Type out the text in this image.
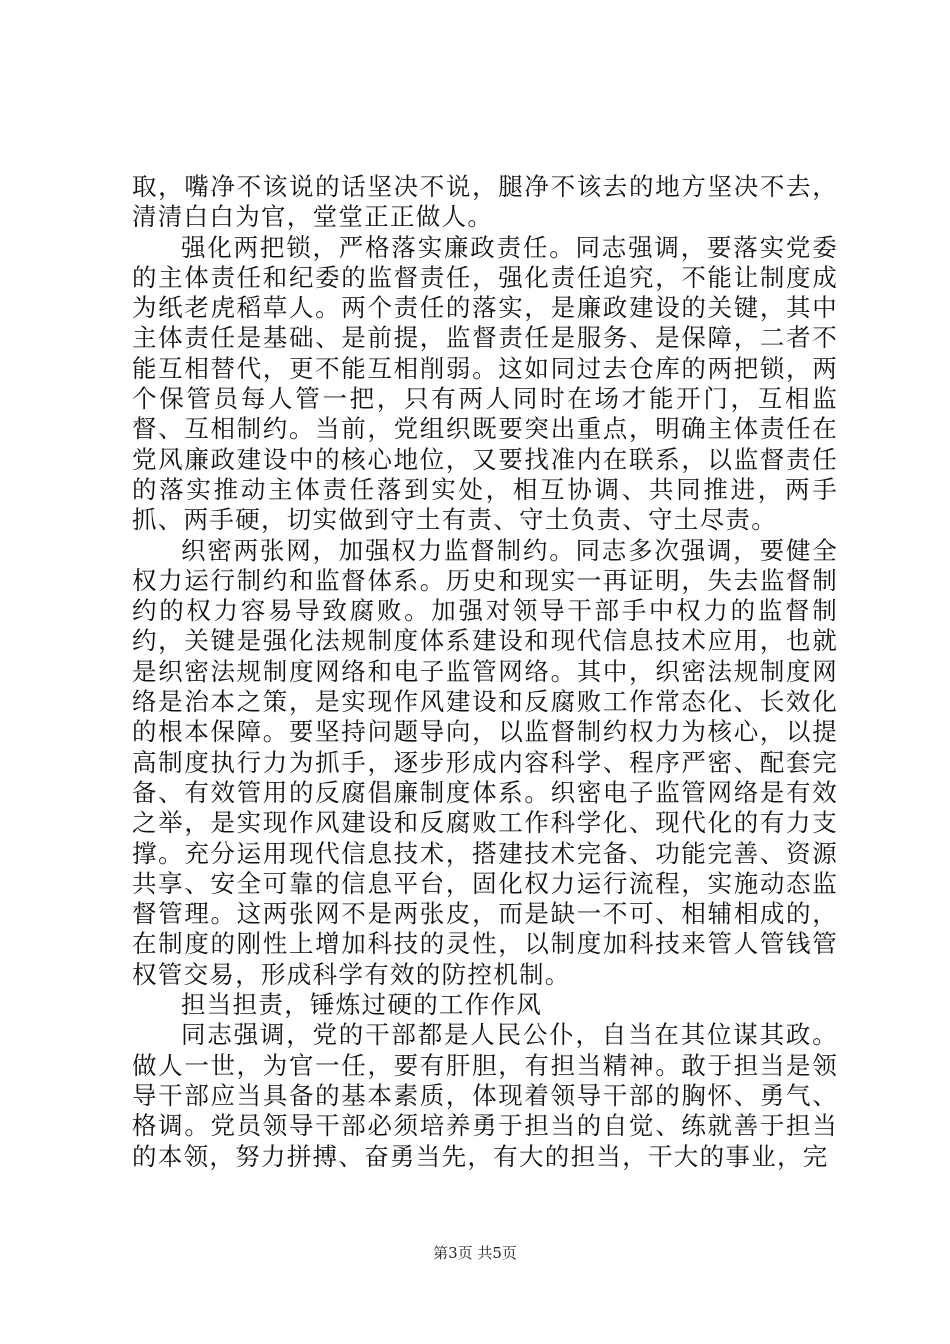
取，嘴净不该说的话坚决不说，腿净不该去的地方坚决不去，清清白白为官，堂堂正正做人。

强化两把锁，严格落实廉政责任。同志强调，要落实党委的主体责任和纪委的监督责任，强化责任追究，不能让制度成为纸老虎稻草人。两个责任的落实，是廉政建设的关键，其中主体责任是基础、是前提，监督责任是服务、是保障，二者不能互相替代，更不能互相削弱。这如同过去仓库的两把锁，两个保管员每人管一把，只有两人同时在场才能开门，互相监督、互相制约。当前，党组织既要突出重点，明确主体责任在党风廉政建设中的核心地位，又要找准内在联系，以监督责任的落实推动主体责任落到实处，相互协调、共同推进，两手抓、两手硬，切实做到守土有责、守土负责、守土尽责。

织密两张网，加强权力监督制约。同志多次强调，要健全权力运行制约和监督体系。历史和现实一再证明，失去监督制约的权力容易导致腐败。加强对领导干部手中权力的监督制约，关键是强化法规制度体系建设和现代信息技术应用，也就是织密法规制度网络和电子监管网络。其中，织密法规制度网络是治本之策，是实现作风建设和反腐败工作常态化、长效化的根本保障。要坚持问题导向，以监督制约权力为核心，以提高制度执行力为抓手，逐步形成内容科学、程序严密、配套完备、有效管用的反腐倡廉制度体系。织密电子监管网络是有效之举，是实现作风建设和反腐败工作科学化、现代化的有力支撑。充分运用现代信息技术，搭建技术完备、功能完善、资源共享、安全可靠的信息平台，固化权力运行流程，实施动态监督管理。这两张网不是两张皮，而是缺一不可、相辅相成的，在制度的刚性上增加科技的灵性，以制度加科技来管人管钱管权管交易，形成科学有效的防控机制。

担当担责，锤炼过硬的工作作风

同志强调，党的干部都是人民公仆，自当在其位谋其政。做人一世，为官一任，要有肝胆，有担当精神。敢于担当是领导干部应当具备的基本素质，体现着领导干部的胸怀、勇气、格调。党员领导干部必须培养勇于担当的自觉、练就善于担当的本领，努力拼搏、奋勇当先，有大的担当，干大的事业，完

第3页 共5页
